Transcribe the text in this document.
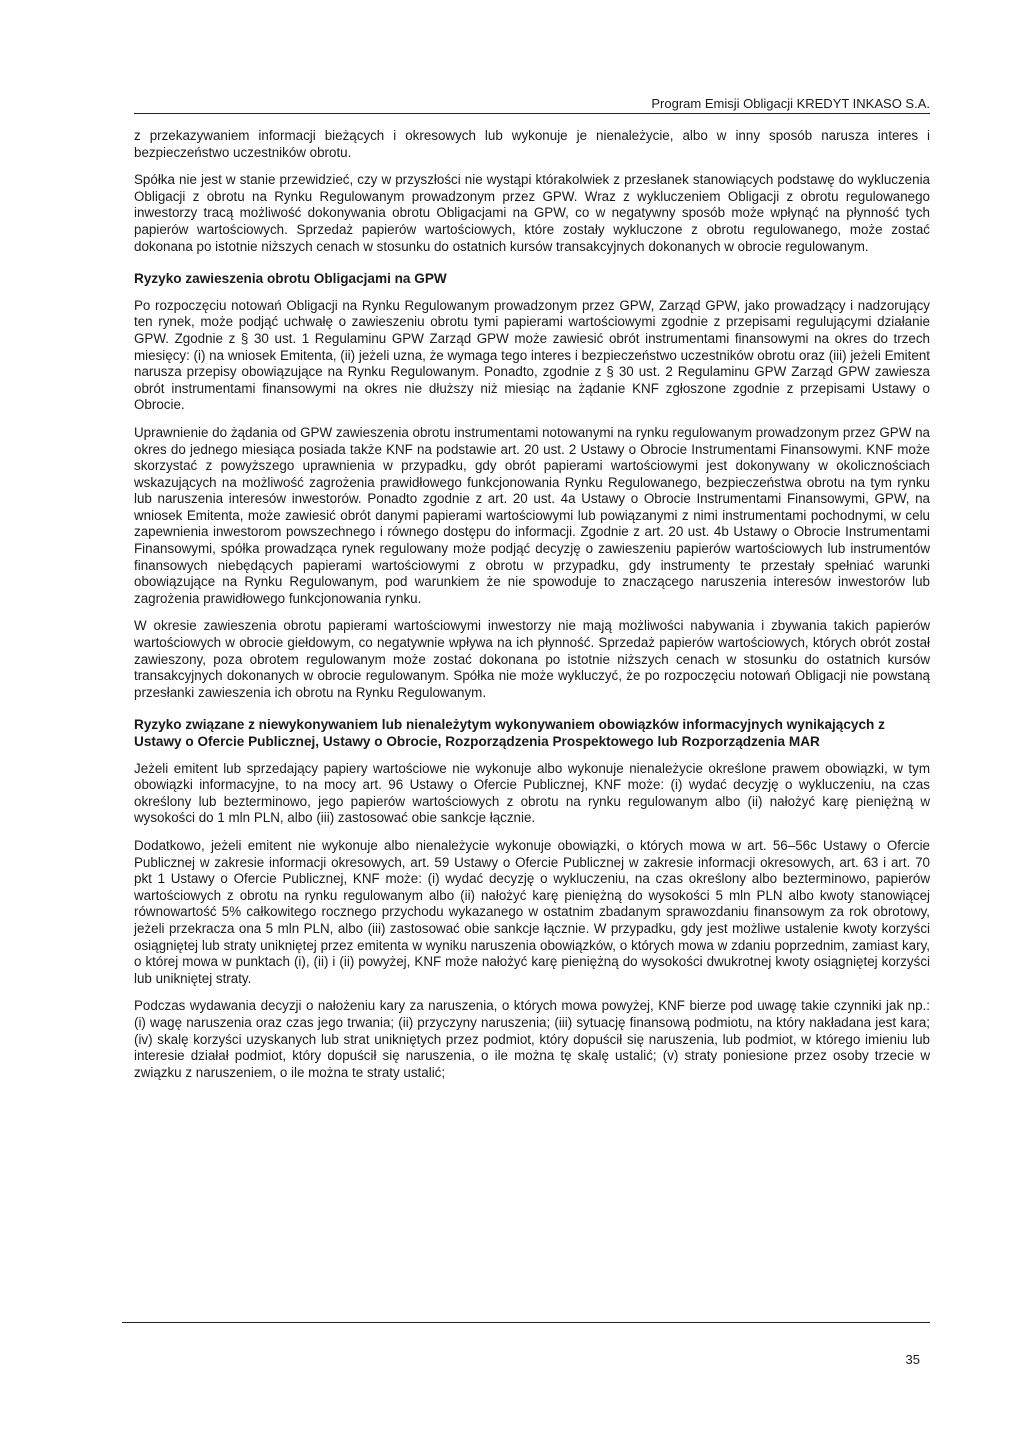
Program Emisji Obligacji KREDYT INKASO S.A.

z przekazywaniem informacji bieżących i okresowych lub wykonuje je nienależycie, albo w inny sposób narusza interes i bezpieczeństwo uczestników obrotu.

Spółka nie jest w stanie przewidzieć, czy w przyszłości nie wystąpi którakolwiek z przesłanek stanowiących podstawę do wykluczenia Obligacji z obrotu na Rynku Regulowanym prowadzonym przez GPW. Wraz z wykluczeniem Obligacji z obrotu regulowanego inwestorzy tracą możliwość dokonywania obrotu Obligacjami na GPW, co w negatywny sposób może wpłynąć na płynność tych papierów wartościowych. Sprzedaż papierów wartościowych, które zostały wykluczone z obrotu regulowanego, może zostać dokonana po istotnie niższych cenach w stosunku do ostatnich kursów transakcyjnych dokonanych w obrocie regulowanym.

Ryzyko zawieszenia obrotu Obligacjami na GPW

Po rozpoczęciu notowań Obligacji na Rynku Regulowanym prowadzonym przez GPW, Zarząd GPW, jako prowadzący i nadzorujący ten rynek, może podjąć uchwałę o zawieszeniu obrotu tymi papierami wartościowymi zgodnie z przepisami regulującymi działanie GPW. Zgodnie z § 30 ust. 1 Regulaminu GPW Zarząd GPW może zawiesić obrót instrumentami finansowymi na okres do trzech miesięcy: (i) na wniosek Emitenta, (ii) jeżeli uzna, że wymaga tego interes i bezpieczeństwo uczestników obrotu oraz (iii) jeżeli Emitent narusza przepisy obowiązujące na Rynku Regulowanym. Ponadto, zgodnie z § 30 ust. 2 Regulaminu GPW Zarząd GPW zawiesza obrót instrumentami finansowymi na okres nie dłuższy niż miesiąc na żądanie KNF zgłoszone zgodnie z przepisami Ustawy o Obrocie.

Uprawnienie do żądania od GPW zawieszenia obrotu instrumentami notowanymi na rynku regulowanym prowadzonym przez GPW na okres do jednego miesiąca posiada także KNF na podstawie art. 20 ust. 2 Ustawy o Obrocie Instrumentami Finansowymi. KNF może skorzystać z powyższego uprawnienia w przypadku, gdy obrót papierami wartościowymi jest dokonywany w okolicznościach wskazujących na możliwość zagrożenia prawidłowego funkcjonowania Rynku Regulowanego, bezpieczeństwa obrotu na tym rynku lub naruszenia interesów inwestorów. Ponadto zgodnie z art. 20 ust. 4a Ustawy o Obrocie Instrumentami Finansowymi, GPW, na wniosek Emitenta, może zawiesić obrót danymi papierami wartościowymi lub powiązanymi z nimi instrumentami pochodnymi, w celu zapewnienia inwestorom powszechnego i równego dostępu do informacji. Zgodnie z art. 20 ust. 4b Ustawy o Obrocie Instrumentami Finansowymi, spółka prowadząca rynek regulowany może podjąć decyzję o zawieszeniu papierów wartościowych lub instrumentów finansowych niebędących papierami wartościowymi z obrotu w przypadku, gdy instrumenty te przestały spełniać warunki obowiązujące na Rynku Regulowanym, pod warunkiem że nie spowoduje to znaczącego naruszenia interesów inwestorów lub zagrożenia prawidłowego funkcjonowania rynku.

W okresie zawieszenia obrotu papierami wartościowymi inwestorzy nie mają możliwości nabywania i zbywania takich papierów wartościowych w obrocie giełdowym, co negatywnie wpływa na ich płynność. Sprzedaż papierów wartościowych, których obrót został zawieszony, poza obrotem regulowanym może zostać dokonana po istotnie niższych cenach w stosunku do ostatnich kursów transakcyjnych dokonanych w obrocie regulowanym. Spółka nie może wykluczyć, że po rozpoczęciu notowań Obligacji nie powstaną przesłanki zawieszenia ich obrotu na Rynku Regulowanym.

Ryzyko związane z niewykonywaniem lub nienależytym wykonywaniem obowiązków informacyjnych wynikających z Ustawy o Ofercie Publicznej, Ustawy o Obrocie, Rozporządzenia Prospektowego lub Rozporządzenia MAR

Jeżeli emitent lub sprzedający papiery wartościowe nie wykonuje albo wykonuje nienależycie określone prawem obowiązki, w tym obowiązki informacyjne, to na mocy art. 96 Ustawy o Ofercie Publicznej, KNF może: (i) wydać decyzję o wykluczeniu, na czas określony lub bezterminowo, jego papierów wartościowych z obrotu na rynku regulowanym albo (ii) nałożyć karę pieniężną w wysokości do 1 mln PLN, albo (iii) zastosować obie sankcje łącznie.

Dodatkowo, jeżeli emitent nie wykonuje albo nienależycie wykonuje obowiązki, o których mowa w art. 56–56c Ustawy o Ofercie Publicznej w zakresie informacji okresowych, art. 59 Ustawy o Ofercie Publicznej w zakresie informacji okresowych, art. 63 i art. 70 pkt 1 Ustawy o Ofercie Publicznej, KNF może: (i) wydać decyzję o wykluczeniu, na czas określony albo bezterminowo, papierów wartościowych z obrotu na rynku regulowanym albo (ii) nałożyć karę pieniężną do wysokości 5 mln PLN albo kwoty stanowiącej równowartość 5% całkowitego rocznego przychodu wykazanego w ostatnim zbadanym sprawozdaniu finansowym za rok obrotowy, jeżeli przekracza ona 5 mln PLN, albo (iii) zastosować obie sankcje łącznie. W przypadku, gdy jest możliwe ustalenie kwoty korzyści osiągniętej lub straty unikniętej przez emitenta w wyniku naruszenia obowiązków, o których mowa w zdaniu poprzednim, zamiast kary, o której mowa w punktach (i), (ii) i (ii) powyżej, KNF może nałożyć karę pieniężną do wysokości dwukrotnej kwoty osiągniętej korzyści lub unikniętej straty.

Podczas wydawania decyzji o nałożeniu kary za naruszenia, o których mowa powyżej, KNF bierze pod uwagę takie czynniki jak np.: (i) wagę naruszenia oraz czas jego trwania; (ii) przyczyny naruszenia; (iii) sytuację finansową podmiotu, na który nakładana jest kara; (iv) skalę korzyści uzyskanych lub strat unikniętych przez podmiot, który dopuścił się naruszenia, lub podmiot, w którego imieniu lub interesie działał podmiot, który dopuścił się naruszenia, o ile można tę skalę ustalić; (v) straty poniesione przez osoby trzecie w związku z naruszeniem, o ile można te straty ustalić;

35
